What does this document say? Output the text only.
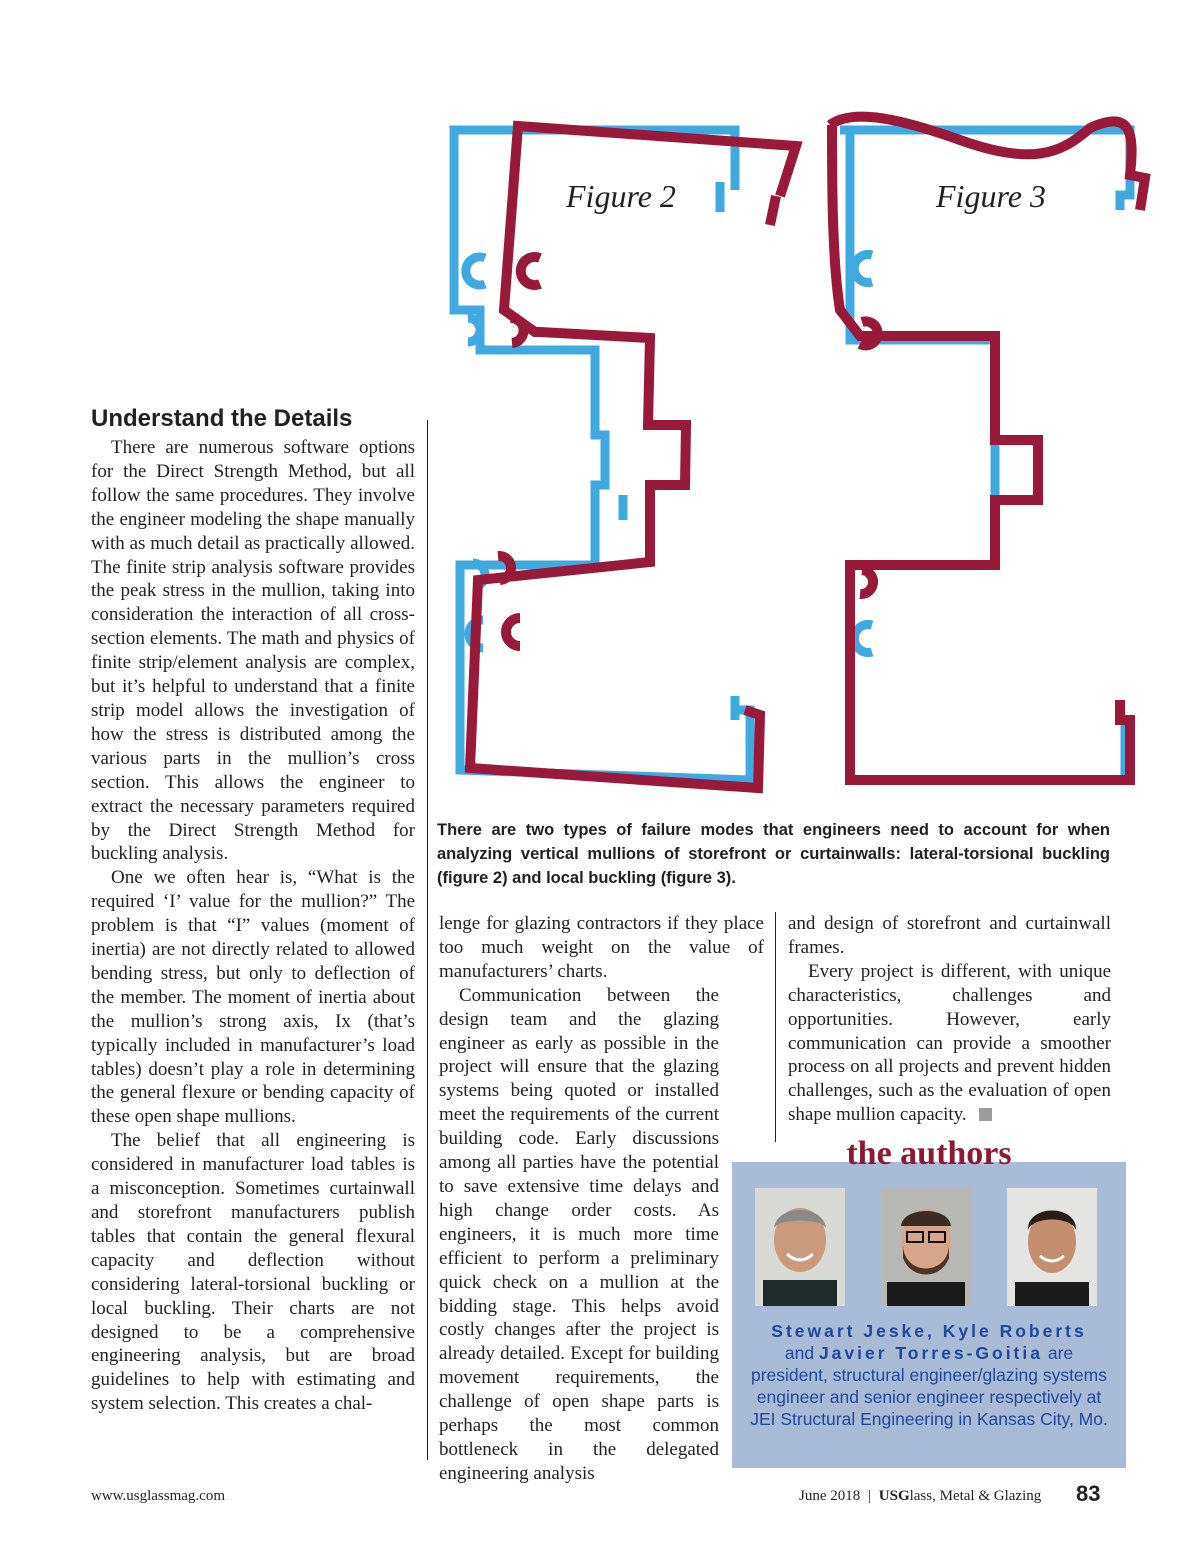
Figure 2	Figure 3
There are two types of failure modes that engineers need to account for when analyzing vertical mullions of storefront or curtainwalls: lateral-torsional buckling (figure 2) and local buckling (figure 3).
Understand the Details

There are numerous software options for the Direct Strength Method, but all follow the same procedures. They involve the engineer modeling the shape manually with as much detail as practically allowed. The finite strip analysis software provides the peak stress in the mullion, taking into consideration the interaction of all cross-section elements. The math and physics of finite strip/element analysis are complex, but it’s helpful to understand that a finite strip model allows the investigation of how the stress is distributed among the various parts in the mullion’s cross section. This allows the engineer to extract the necessary parameters required by the Direct Strength Method for buckling analysis.

One we often hear is, “What is the required ‘I’ value for the mullion?” The problem is that “I” values (moment of inertia) are not directly related to allowed bending stress, but only to deflection of the member. The moment of inertia about the mullion’s strong axis, Ix (that’s typically included in manufacturer’s load tables) doesn’t play a role in determining the general flexure or bending capacity of these open shape mullions.

The belief that all engineering is considered in manufacturer load tables is a misconception. Sometimes curtainwall and storefront manufacturers publish tables that contain the general flexural capacity and deflection without considering lateral-torsional buckling or local buckling. Their charts are not designed to be a comprehensive engineering analysis, but are broad guidelines to help with estimating and system selection. This creates a chal-

lenge for glazing contractors if they place too much weight on the value of manufacturers’ charts.

Communication between the design team and the glazing engineer as early as possible in the project will ensure that the glazing systems being quoted or installed meet the requirements of the current building code. Early discussions among all parties have the potential to save extensive time delays and high change order costs. As engineers, it is much more time efficient to perform a preliminary quick check on a mullion at the bidding stage. This helps avoid costly changes after the project is already detailed. Except for building movement requirements, the challenge of open shape parts is perhaps the most common bottleneck in the delegated engineering analysis

and design of storefront and curtainwall frames.

Every project is different, with unique characteristics, challenges and opportunities. However, early communication can provide a smoother process on all projects and prevent hidden challenges, such as the evaluation of open shape mullion capacity.

the authors
Stewart Jeske, Kyle Roberts
and Javier Torres-Goitia are president, structural engineer/glazing systems engineer and senior engineer respectively at JEI Structural Engineering in Kansas City, Mo.
www.usglassmag.com	June 2018 | USGlass, Metal & Glazing 83
